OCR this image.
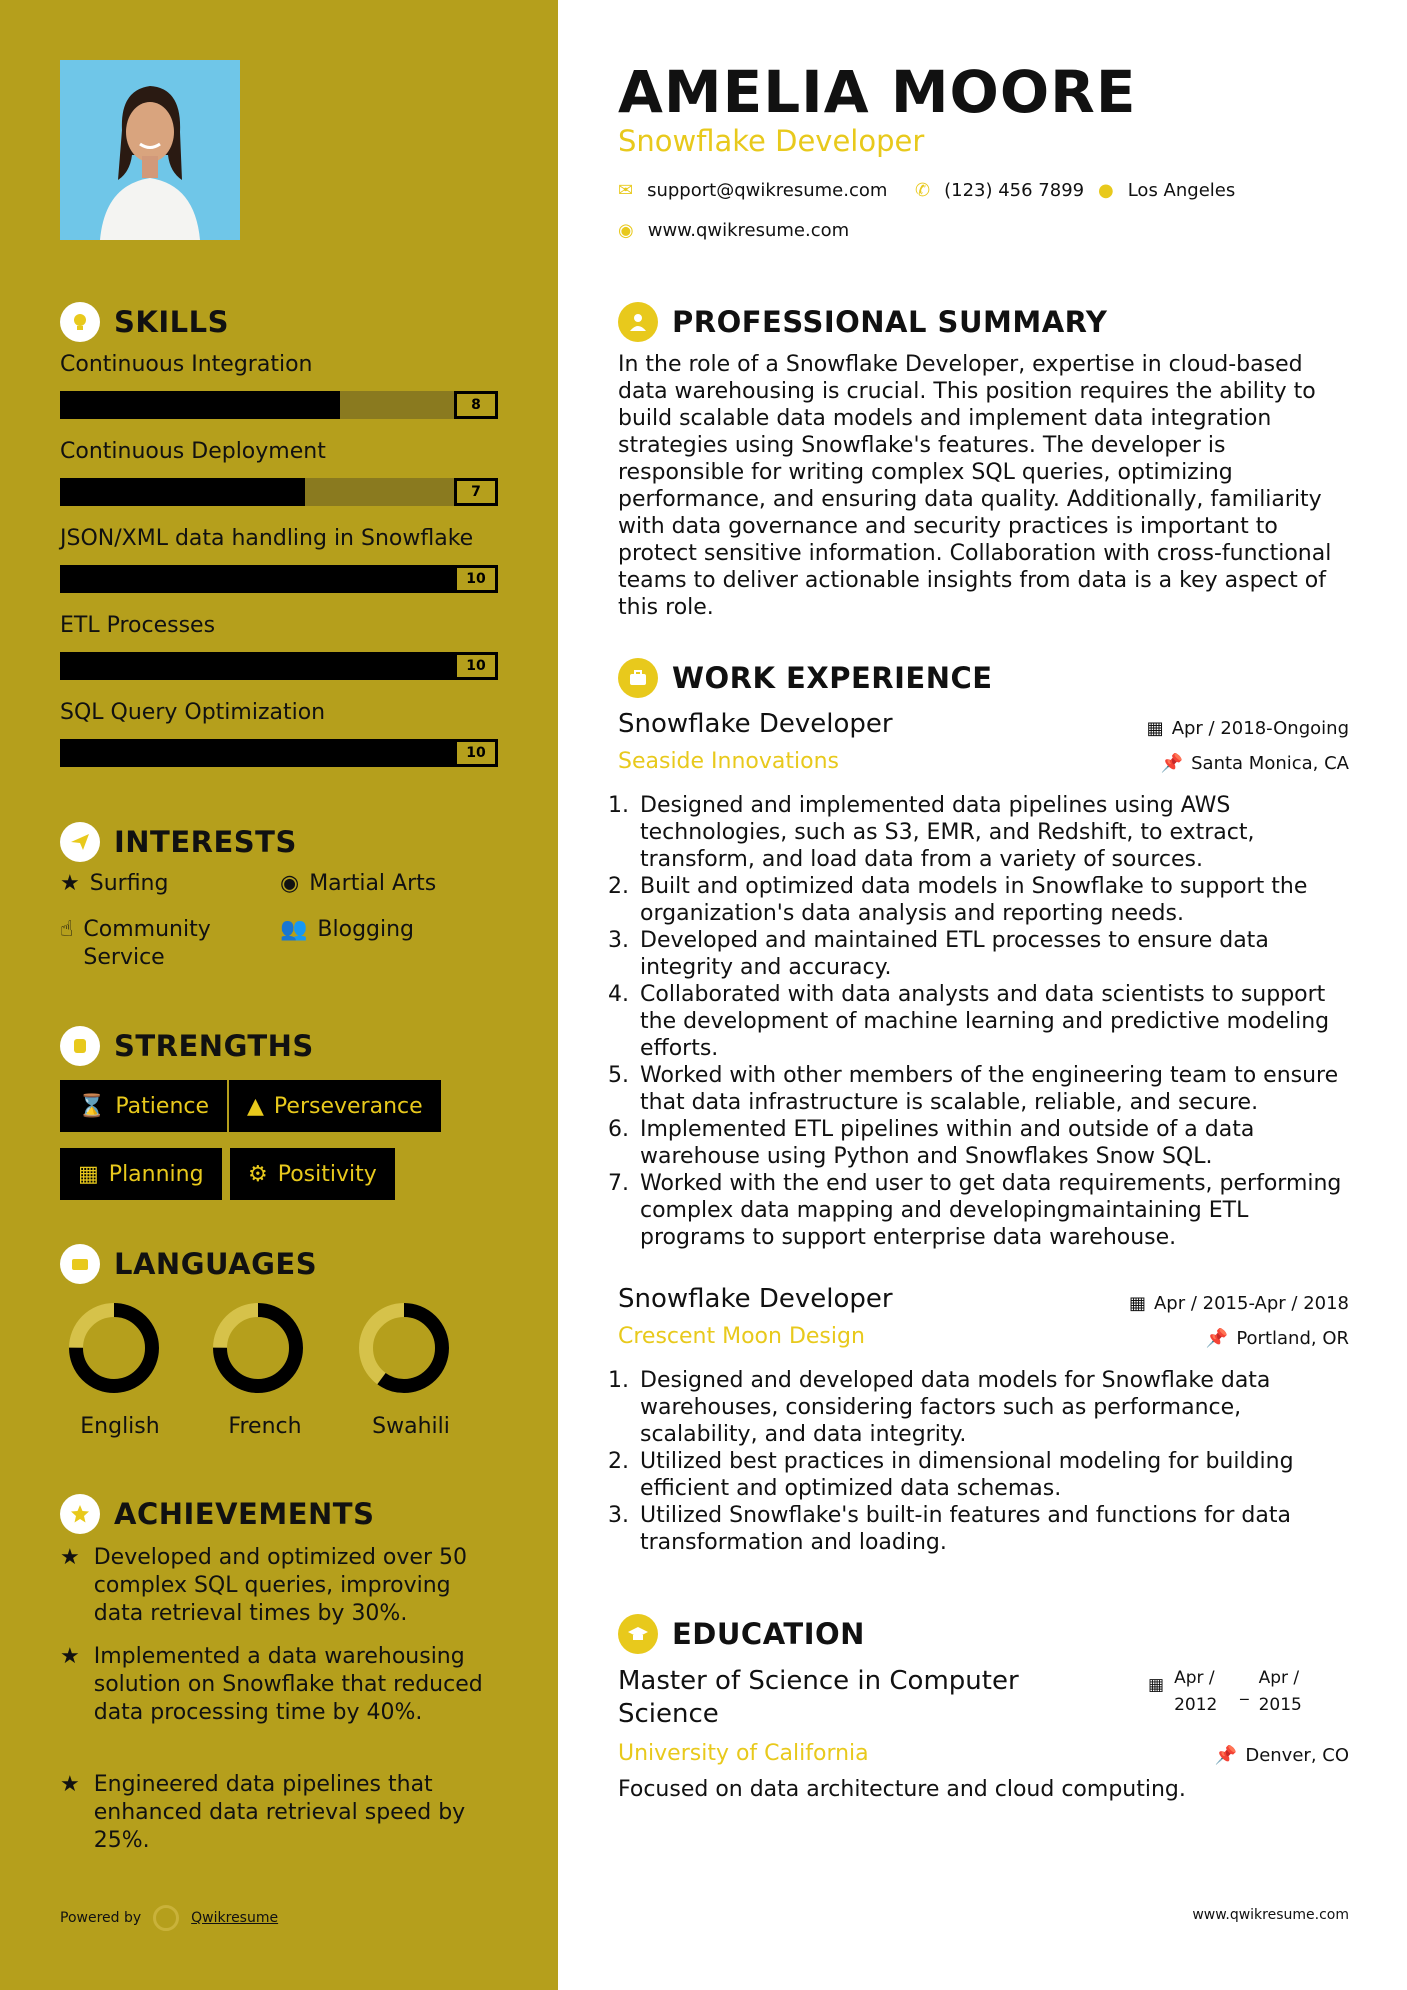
SKILLS
Continuous Integration
8
Continuous Deployment
7
JSON/XML data handling in Snowflake
10
ETL Processes
10
SQL Query Optimization
10
INTERESTS
★ Surfing	◉ Martial Arts
☝ Community Service
👥 Blogging
STRENGTHS
⌛ Patience ▲ Perseverance
▦ Planning ⚙ Positivity
LANGUAGES
English	French	Swahili
ACHIEVEMENTS
★ Developed and optimized over 50 complex SQL queries, improving data retrieval times by 30%.
★ Implemented a data warehousing solution on Snowflake that reduced data processing time by 40%.
★ Engineered data pipelines that enhanced data retrieval speed by 25%.
Powered by	Qwikresume
AMELIA MOORE
Snowflake Developer
✉ support@qwikresume.com ✆ (123) 456 7899 ● Los Angeles
◉ www.qwikresume.com
PROFESSIONAL SUMMARY
In the role of a Snowflake Developer, expertise in cloud-based data warehousing is crucial. This position requires the ability to build scalable data models and implement data integration strategies using Snowflake's features. The developer is responsible for writing complex SQL queries, optimizing performance, and ensuring data quality. Additionally, familiarity with data governance and security practices is important to protect sensitive information. Collaboration with cross-functional teams to deliver actionable insights from data is a key aspect of this role.
WORK EXPERIENCE
Snowflake Developer	▦ Apr / 2018-Ongoing
Seaside Innovations	📌 Santa Monica, CA
1. Designed and implemented data pipelines using AWS technologies, such as S3, EMR, and Redshift, to extract, transform, and load data from a variety of sources.
2. Built and optimized data models in Snowflake to support the organization's data analysis and reporting needs.
3. Developed and maintained ETL processes to ensure data integrity and accuracy.
4. Collaborated with data analysts and data scientists to support the development of machine learning and predictive modeling efforts.
5. Worked with other members of the engineering team to ensure that data infrastructure is scalable, reliable, and secure.
6. Implemented ETL pipelines within and outside of a data warehouse using Python and Snowflakes Snow SQL.
7. Worked with the end user to get data requirements, performing complex data mapping and developingmaintaining ETL programs to support enterprise data warehouse.
Snowflake Developer	▦ Apr / 2015-Apr / 2018
Crescent Moon Design	📌 Portland, OR
1. Designed and developed data models for Snowflake data warehouses, considering factors such as performance, scalability, and data integrity.
2. Utilized best practices in dimensional modeling for building efficient and optimized data schemas.
3. Utilized Snowflake's built-in features and functions for data transformation and loading.
EDUCATION
Master of Science in Computer Science
▦ Apr / 2012
_
Apr / 2015
University of California	📌 Denver, CO
Focused on data architecture and cloud computing.
www.qwikresume.com
